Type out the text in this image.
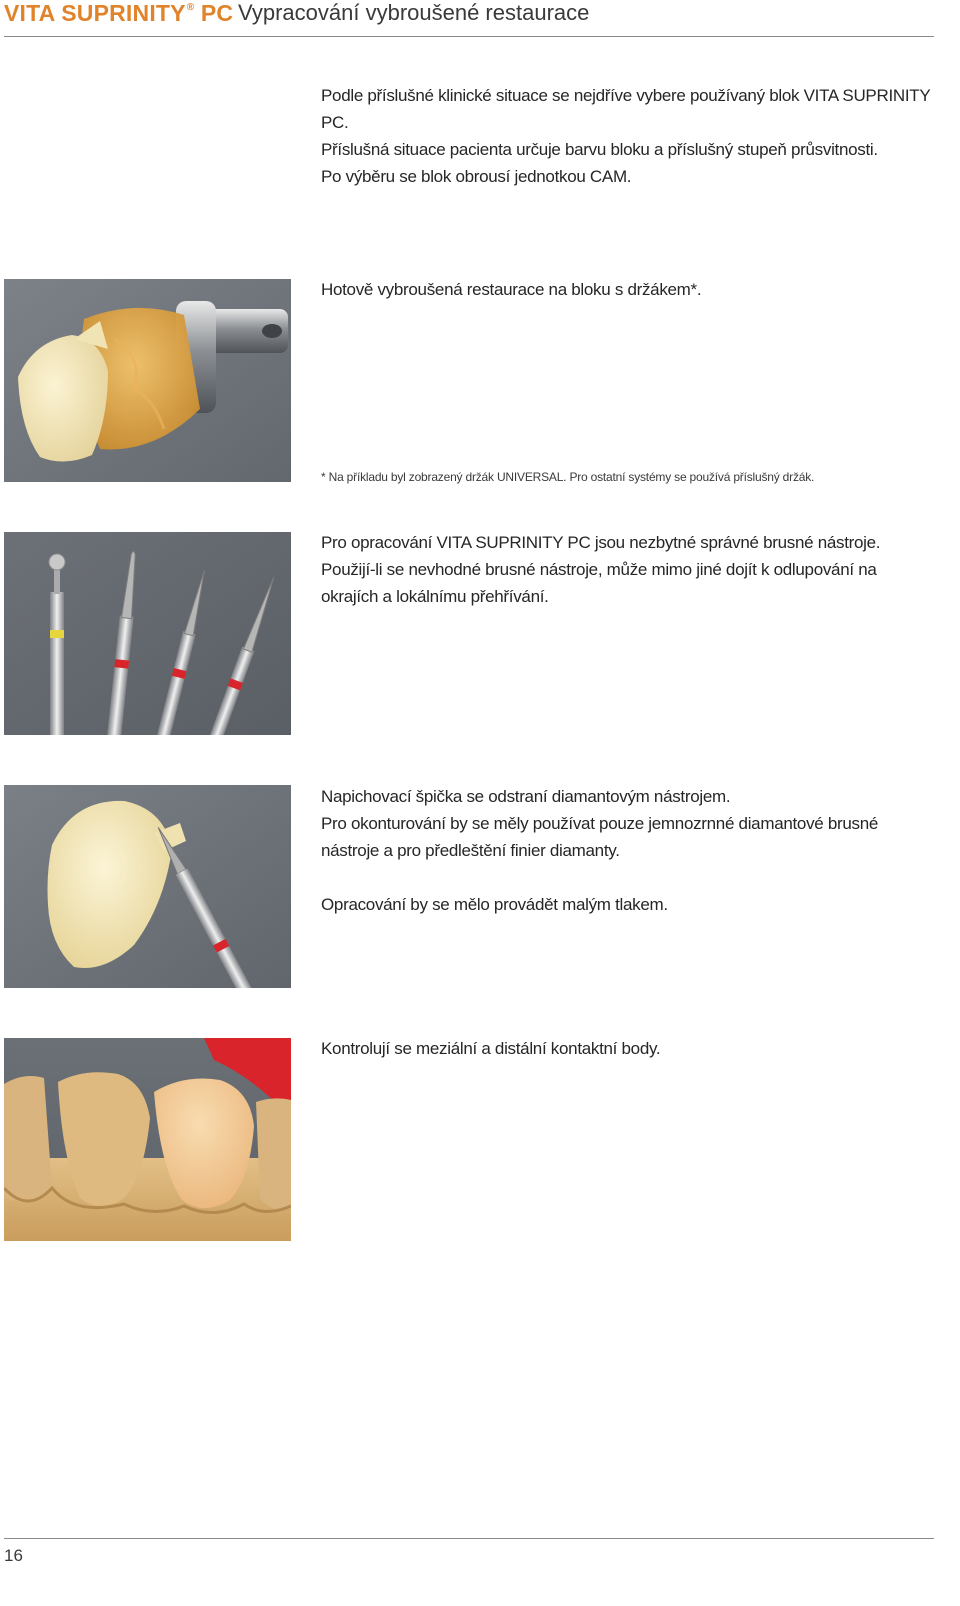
VITA SUPRINITY® PC Vypracování vybroušené restaurace

Podle příslušné klinické situace se nejdříve vybere používaný blok VITA SUPRINITY PC.

Příslušná situace pacienta určuje barvu bloku a příslušný stupeň průsvitnosti.

Po výběru se blok obrousí jednotkou CAM.

Hotově vybroušená restaurace na bloku s držákem*.

* Na příkladu byl zobrazený držák UNIVERSAL. Pro ostatní systémy se používá příslušný držák.

Pro opracování VITA SUPRINITY PC jsou nezbytné správné brusné nástroje. Použijí-li se nevhodné brusné nástroje, může mimo jiné dojít k odlupování na okrajích a lokálnímu přehřívání.

Napichovací špička se odstraní diamantovým nástrojem.

Pro okonturování by se měly používat pouze jemnozrnné diamantové brusné nástroje a pro předleštění finier diamanty.

Opracování by se mělo provádět malým tlakem.

Kontrolují se meziální a distální kontaktní body.

16
